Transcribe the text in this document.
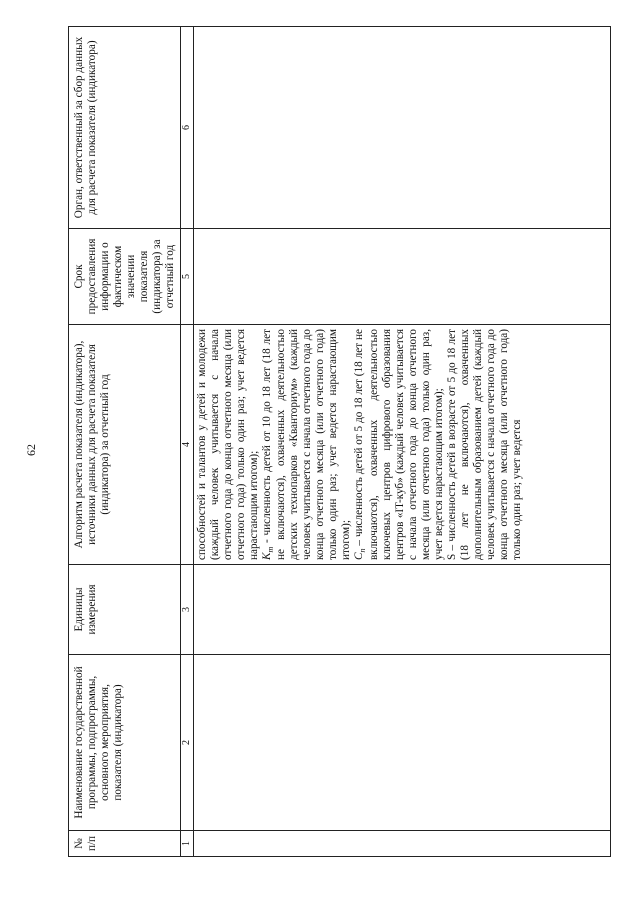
62
№ п/п	Наименование государственной программы, подпрограммы, основного мероприятия, показателя (индикатора)	Единицы измерения	Алгоритм расчета показателя (индикатора), источники данных для расчета показателя (индикатора) за отчетный год	Срок предоставления информации о фактическом значении показателя (индикатора) за отчетный год	Орган, ответственный за сбор данных для расчета показателя (индикатора)
1	2	3	4	5	6

			способностей и талантов у детей и молодежи (каждый человек учитывается с начала отчетного года до конца отчетного месяца (или отчетного года) только один раз; учет ведется нарастающим итогом); $K_m$ - численность детей от 10 до 18 лет (18 лет не включаются), охваченных деятельностью детских технопарков «Кванториум» (каждый человек учитывается с начала отчетного года до конца отчетного месяца (или отчетного года) только один раз; учет ведется нарастающим итогом); $C_n$ – численность детей от 5 до 18 лет (18 лет не включаются), охваченных деятельностью ключевых центров цифрового образования центров «IT-куб» (каждый человек учитывается с начала отчетного года до конца отчетного месяца (или отчетного года) только один раз, учет ведется нарастающим итогом); S – численность детей в возрасте от 5 до 18 лет (18 лет не включаются), охваченных дополнительным образованием детей (каждый человек учитывается с начала отчетного года до конца отчетного месяца (или отчетного года) только один раз; учет ведется		
